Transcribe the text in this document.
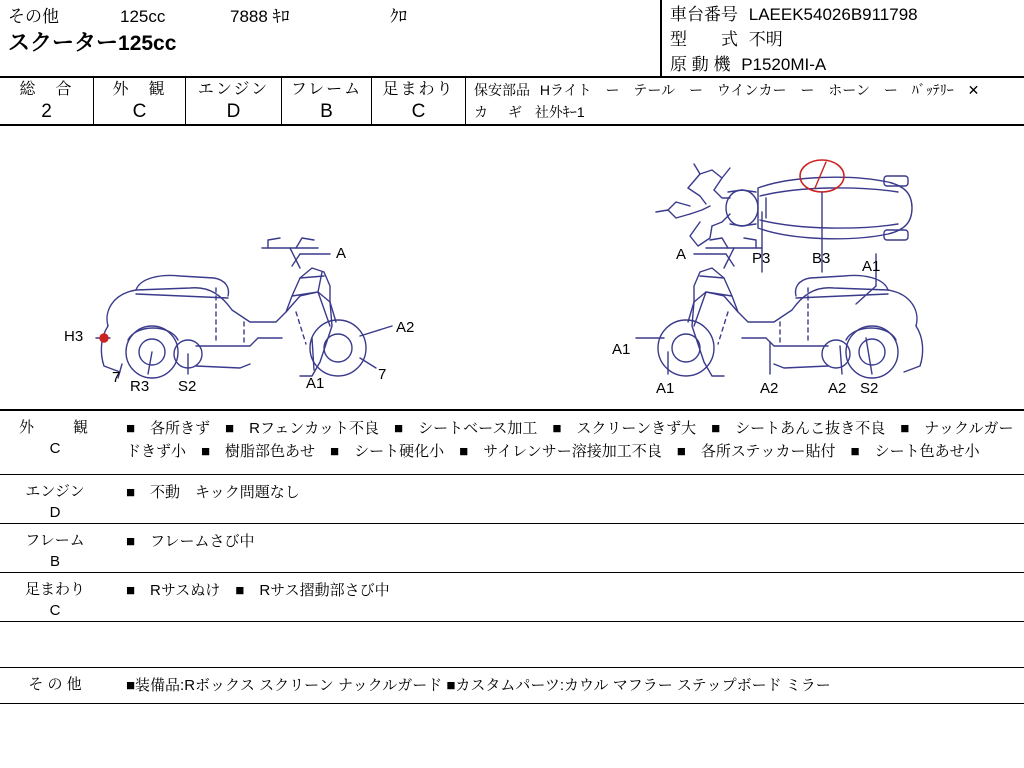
その他	125cc	7888 ｷﾛ	ｸﾛ
スクーター125cc
車台番号 LAEEK54026B911798
型　　式 不明
原 動 機 P1520MI-A
総　合
2
外　観
C
エンジン
D
フレーム
B
足まわり
C
保安部品 Hライト ー テール ー ウインカー ー ホーン ー ﾊﾞｯﾃﾘｰ ✕
カ　ギ 社外ｷｰ1
P3	B3
A
A2
H3
7
R3 S2	A1
7
A
A1
A1
A1	A2	A2 S2
外　　観
C
■　各所きず　■　Rフェンカット不良　■　シートベース加工　■　スクリーンきず大　■　シートあんこ抜き不良　■　ナックルガードきず小　■　樹脂部色あせ　■　シート硬化小　■　サイレンサー溶接加工不良　■　各所ステッカー貼付　■　シート色あせ小
エンジン
D
■　不動　キック問題なし
フレーム
B
■　フレームさび中
足まわり
C
■　Rサスぬけ　■　Rサス摺動部さび中
そ の 他	■装備品:Rボックス スクリーン ナックルガード ■カスタムパーツ:カウル マフラー ステップボード ミラー
